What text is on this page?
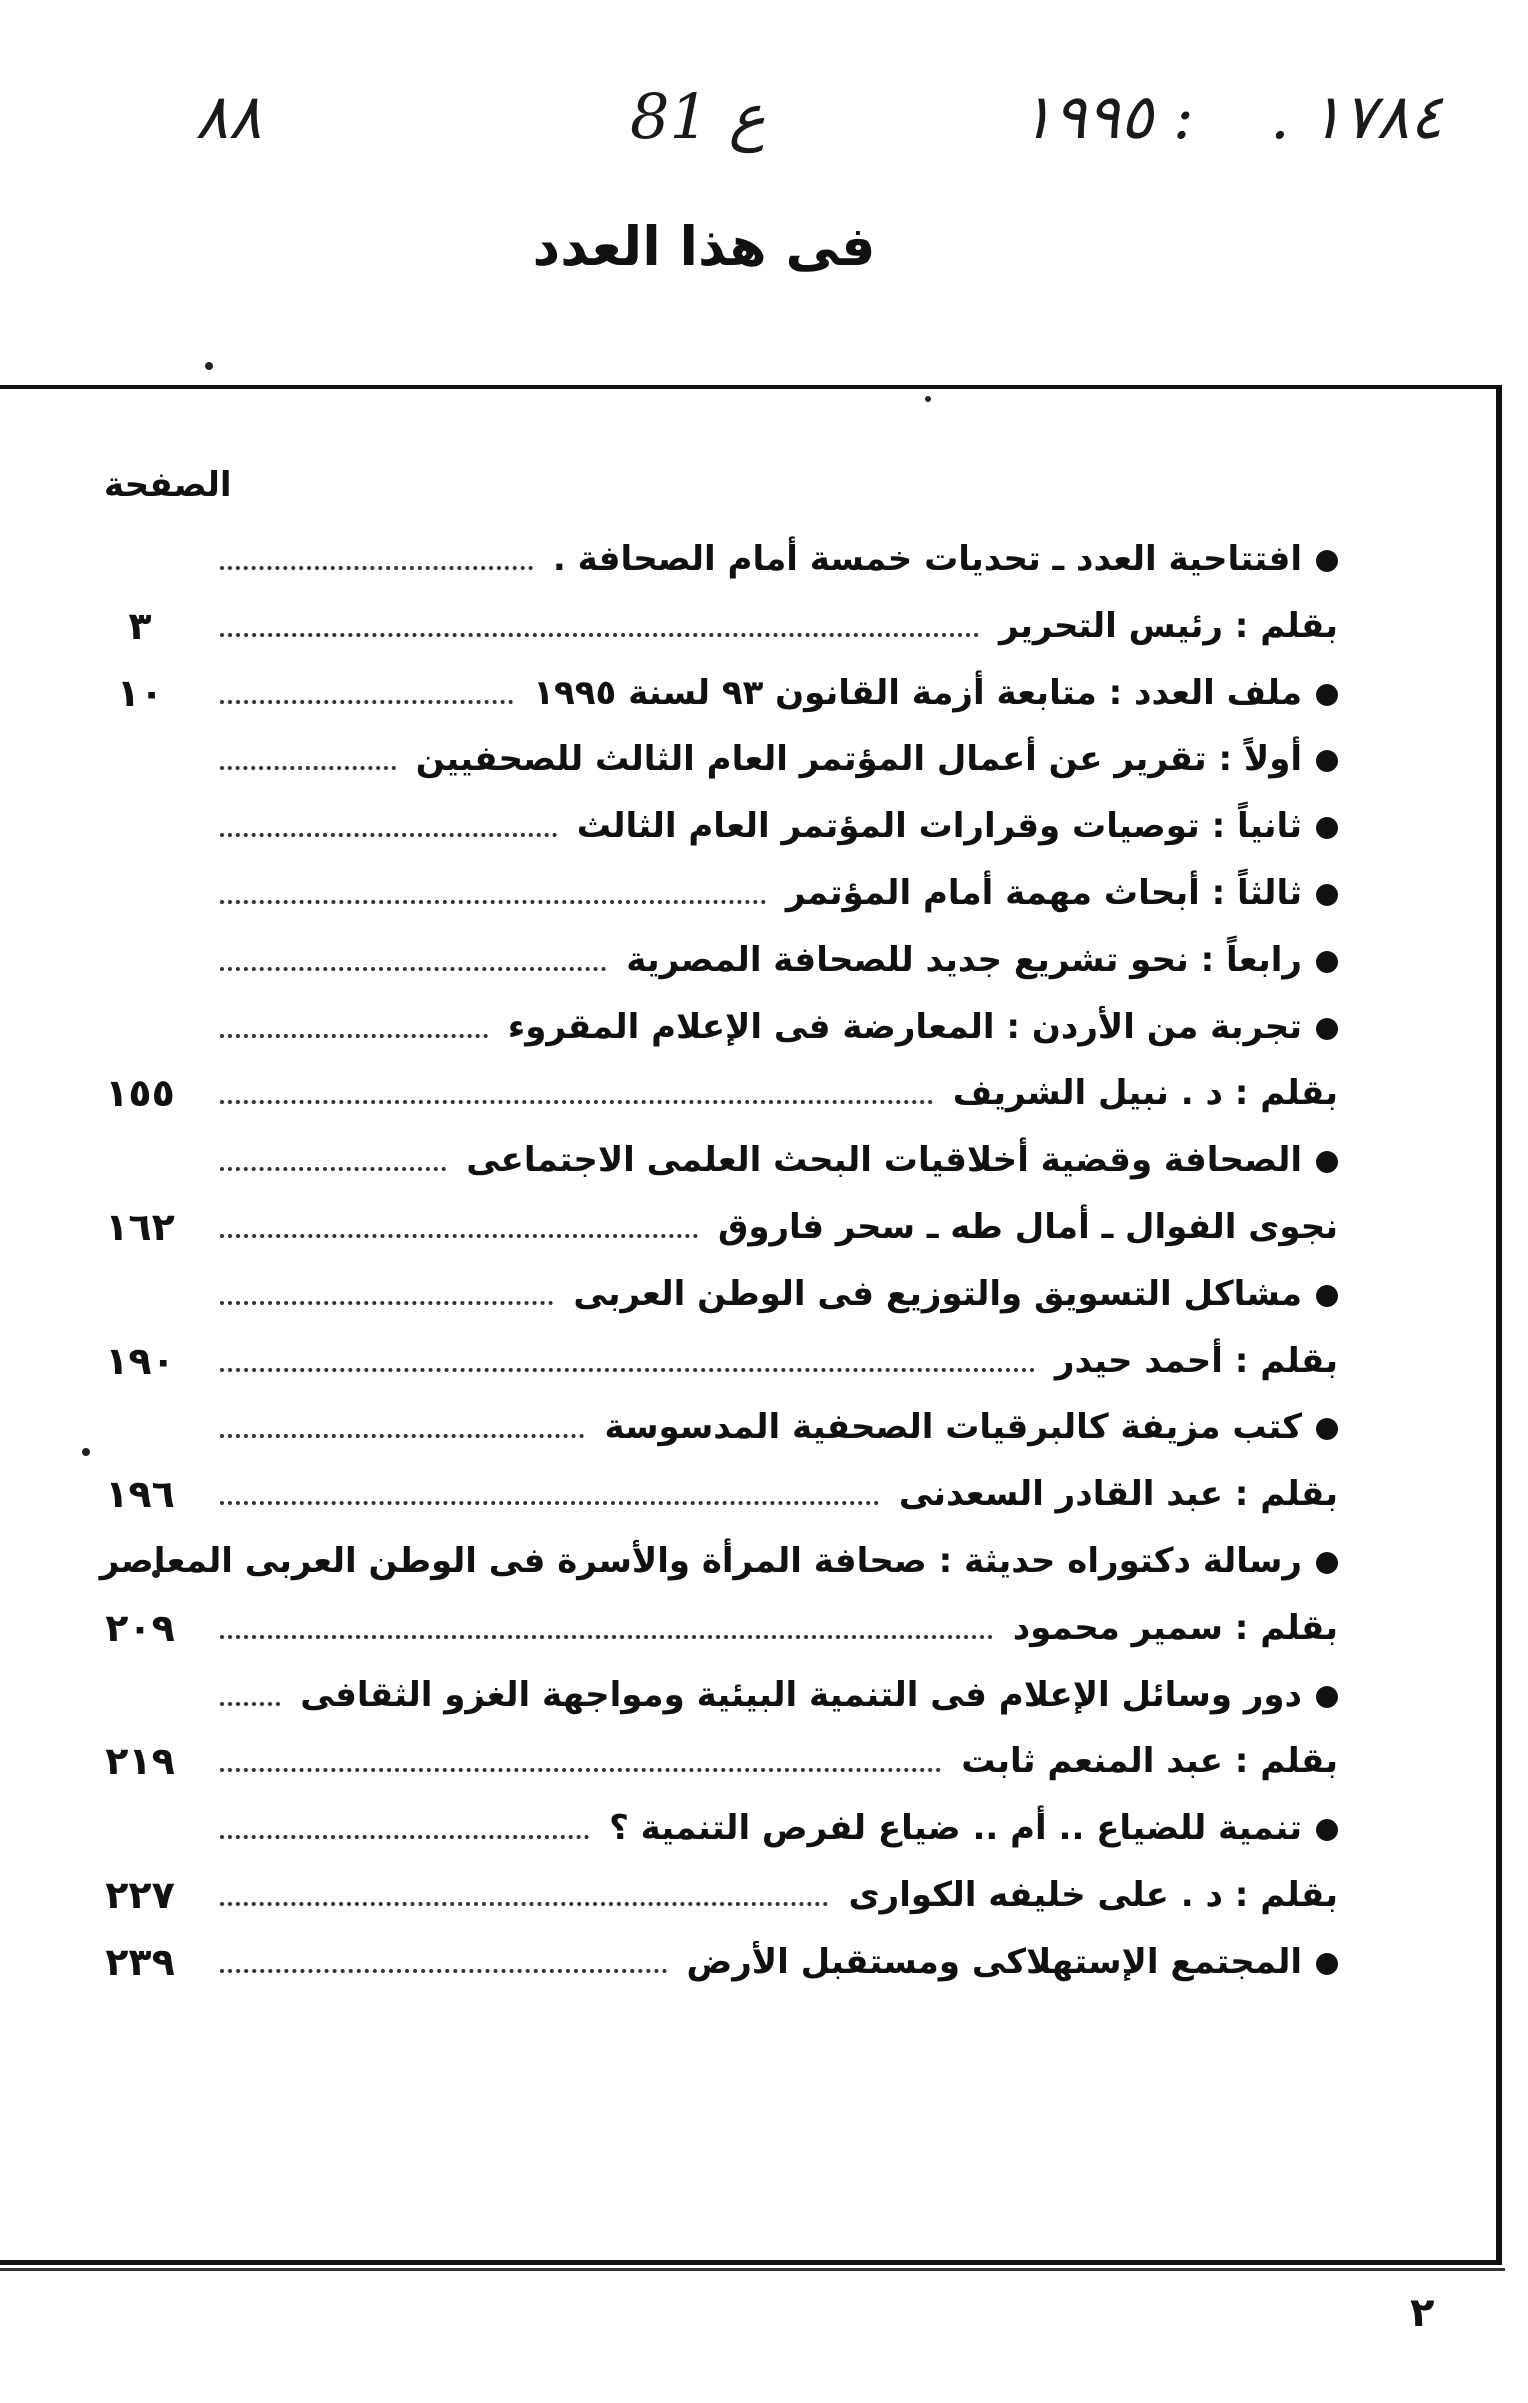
٨٨	ع 81	١٩٩٥ : . ١٧٨٤
فى هذا العدد
الصفحة
افتتاحية العدد ـ تحديات خمسة أمام الصحافة .
بقلم : رئيس التحرير
٣
ملف العدد : متابعة أزمة القانون ٩٣ لسنة ١٩٩٥
١٠
أولاً : تقرير عن أعمال المؤتمر العام الثالث للصحفيين
ثانياً : توصيات وقرارات المؤتمر العام الثالث
ثالثاً : أبحاث مهمة أمام المؤتمر
رابعاً : نحو تشريع جديد للصحافة المصرية
تجربة من الأردن : المعارضة فى الإعلام المقروء
بقلم : د . نبيل الشريف
١٥٥
الصحافة وقضية أخلاقيات البحث العلمى الاجتماعى
نجوى الفوال ـ أمال طه ـ سحر فاروق
١٦٢
مشاكل التسويق والتوزيع فى الوطن العربى
بقلم : أحمد حيدر
١٩٠
كتب مزيفة كالبرقيات الصحفية المدسوسة
بقلم : عبد القادر السعدنى
١٩٦
رسالة دكتوراه حديثة : صحافة المرأة والأسرة فى الوطن العربى المعاصر
بقلم : سمير محمود
٢٠٩
دور وسائل الإعلام فى التنمية البيئية ومواجهة الغزو الثقافى
بقلم : عبد المنعم ثابت
٢١٩
تنمية للضياع .. أم .. ضياع لفرص التنمية ؟
بقلم : د . على خليفه الكوارى
٢٢٧
المجتمع الإستهلاكى ومستقبل الأرض
٢٣٩
٢
